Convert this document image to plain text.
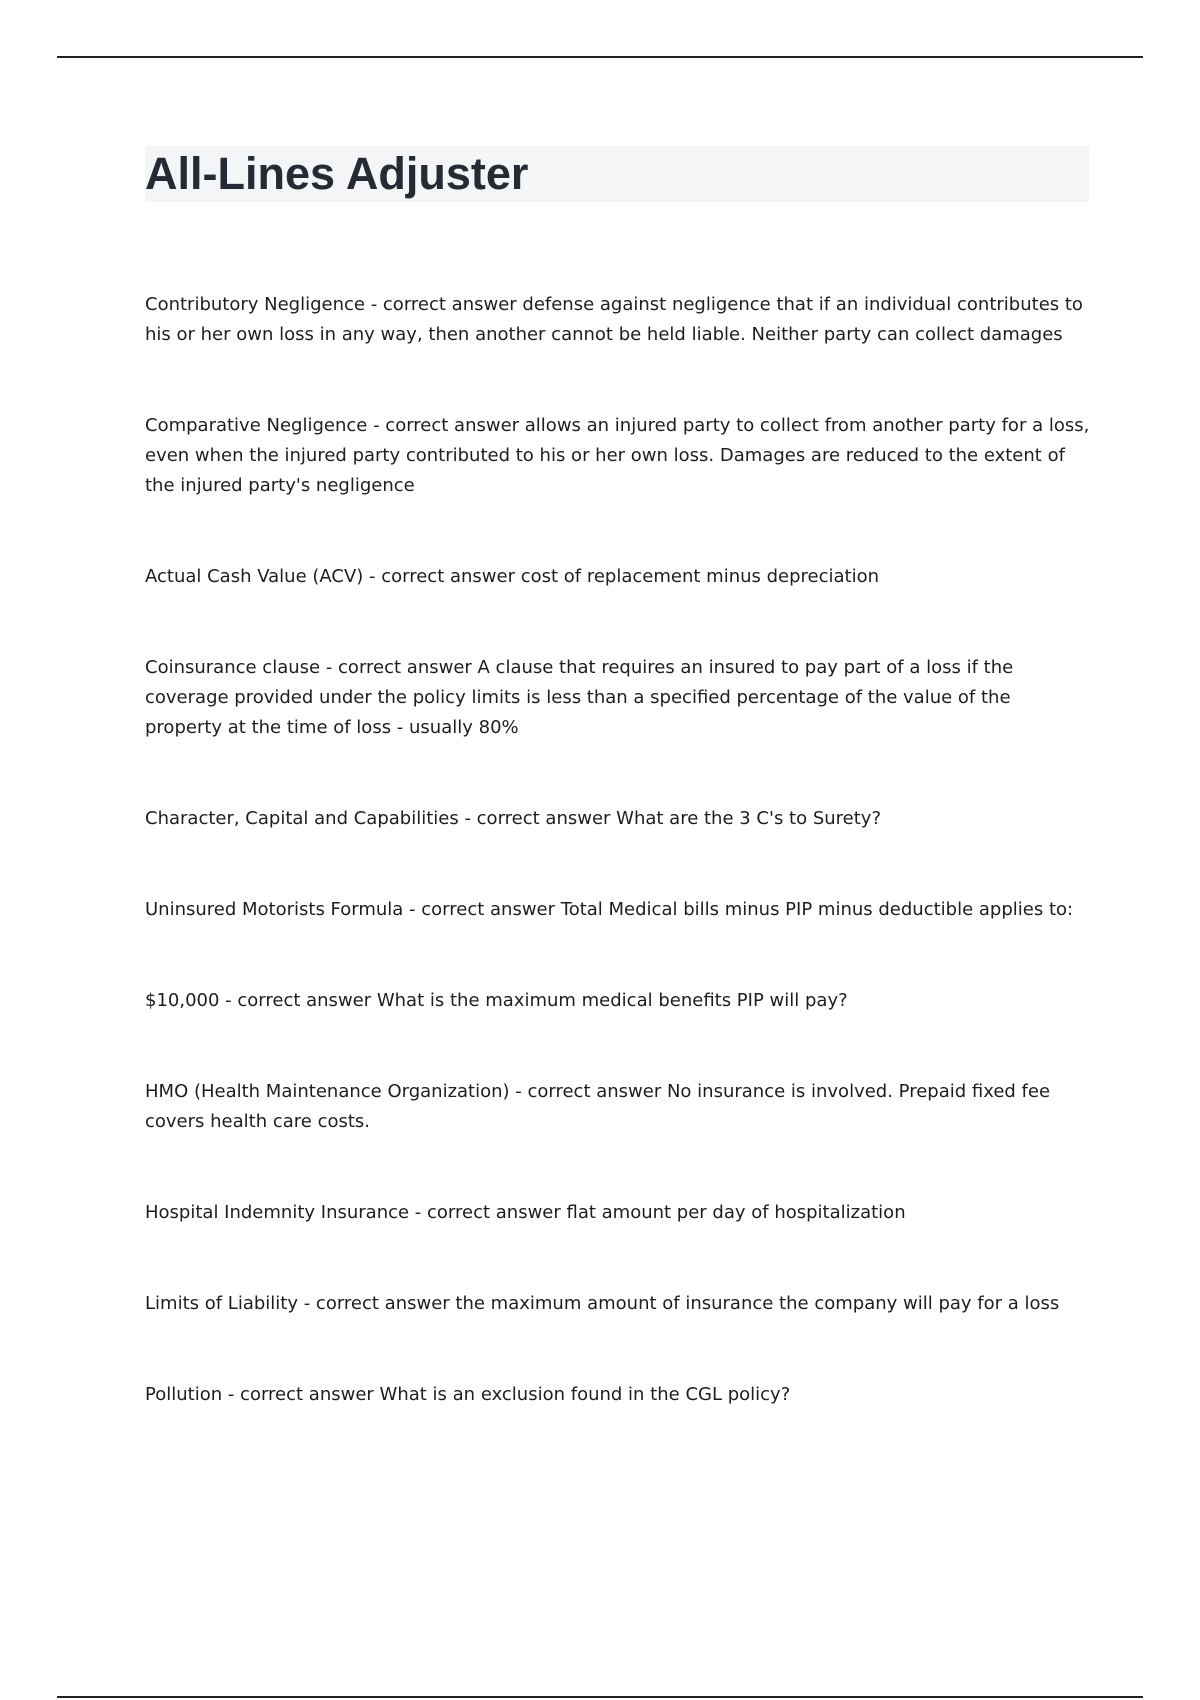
All-Lines Adjuster

Contributory Negligence - correct answer defense against negligence that if an individual contributes to his or her own loss in any way, then another cannot be held liable. Neither party can collect damages

Comparative Negligence - correct answer allows an injured party to collect from another party for a loss, even when the injured party contributed to his or her own loss. Damages are reduced to the extent of the injured party's negligence

Actual Cash Value (ACV) - correct answer cost of replacement minus depreciation

Coinsurance clause - correct answer A clause that requires an insured to pay part of a loss if the coverage provided under the policy limits is less than a specified percentage of the value of the property at the time of loss - usually 80%

Character, Capital and Capabilities - correct answer What are the 3 C's to Surety?

Uninsured Motorists Formula - correct answer Total Medical bills minus PIP minus deductible applies to:

$10,000 - correct answer What is the maximum medical benefits PIP will pay?

HMO (Health Maintenance Organization) - correct answer No insurance is involved. Prepaid fixed fee covers health care costs.

Hospital Indemnity Insurance - correct answer flat amount per day of hospitalization

Limits of Liability - correct answer the maximum amount of insurance the company will pay for a loss

Pollution - correct answer What is an exclusion found in the CGL policy?
